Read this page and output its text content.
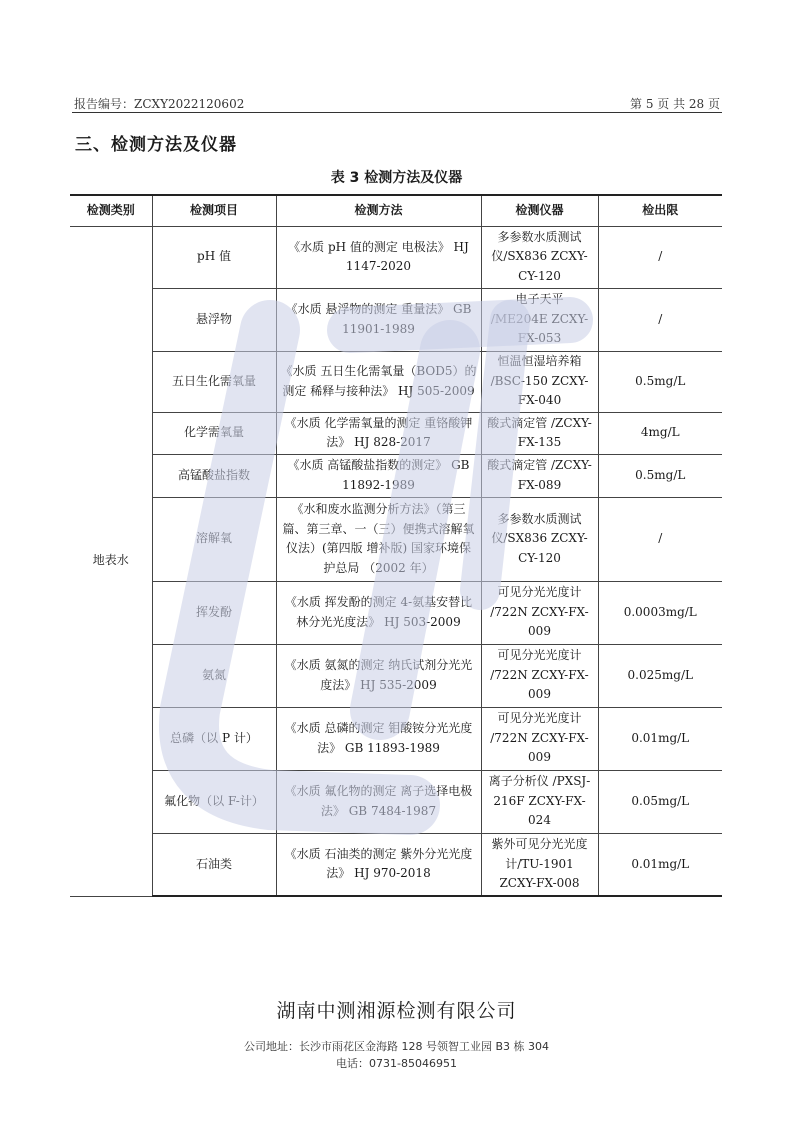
报告编号：ZCXY2022120602	第 5 页 共 28 页
三、检测方法及仪器
表 3 检测方法及仪器
检测类别	检测项目	检测方法	检测仪器	检出限
地表水	pH 值	《水质 pH 值的测定 电极法》 HJ 1147-2020	多参数水质测试仪/SX836 ZCXY-CY-120	/
	悬浮物	《水质 悬浮物的测定 重量法》 GB 11901-1989	电子天平 /ME204E ZCXY-FX-053	/
	五日生化需氧量	《水质 五日生化需氧量（BOD5）的测定 稀释与接种法》 HJ 505-2009	恒温恒湿培养箱 /BSC-150 ZCXY-FX-040	0.5mg/L
	化学需氧量	《水质 化学需氧量的测定 重铬酸钾法》 HJ 828-2017	酸式滴定管 /ZCXY-FX-135	4mg/L
	高锰酸盐指数	《水质 高锰酸盐指数的测定》 GB 11892-1989	酸式滴定管 /ZCXY-FX-089	0.5mg/L
	溶解氧	《水和废水监测分析方法》（第三篇、第三章、一（三）便携式溶解氧仪法）(第四版 增补版) 国家环境保护总局 （2002 年）	多参数水质测试仪/SX836 ZCXY-CY-120	/
	挥发酚	《水质 挥发酚的测定 4-氨基安替比林分光光度法》 HJ 503-2009	可见分光光度计 /722N ZCXY-FX-009	0.0003mg/L
	氨氮	《水质 氨氮的测定 纳氏试剂分光光度法》 HJ 535-2009	可见分光光度计 /722N ZCXY-FX-009	0.025mg/L
	总磷（以 P 计）	《水质 总磷的测定 钼酸铵分光光度法》 GB 11893-1989	可见分光光度计 /722N ZCXY-FX-009	0.01mg/L
	氟化物（以 F-计）	《水质 氟化物的测定 离子选择电极法》 GB 7484-1987	离子分析仪 /PXSJ-216F ZCXY-FX-024	0.05mg/L
	石油类	《水质 石油类的测定 紫外分光光度法》 HJ 970-2018	紫外可见分光光度计/TU-1901 ZCXY-FX-008	0.01mg/L
湖南中测湘源检测有限公司
公司地址：长沙市雨花区金海路 128 号领智工业园 B3 栋 304
电话：0731-85046951
